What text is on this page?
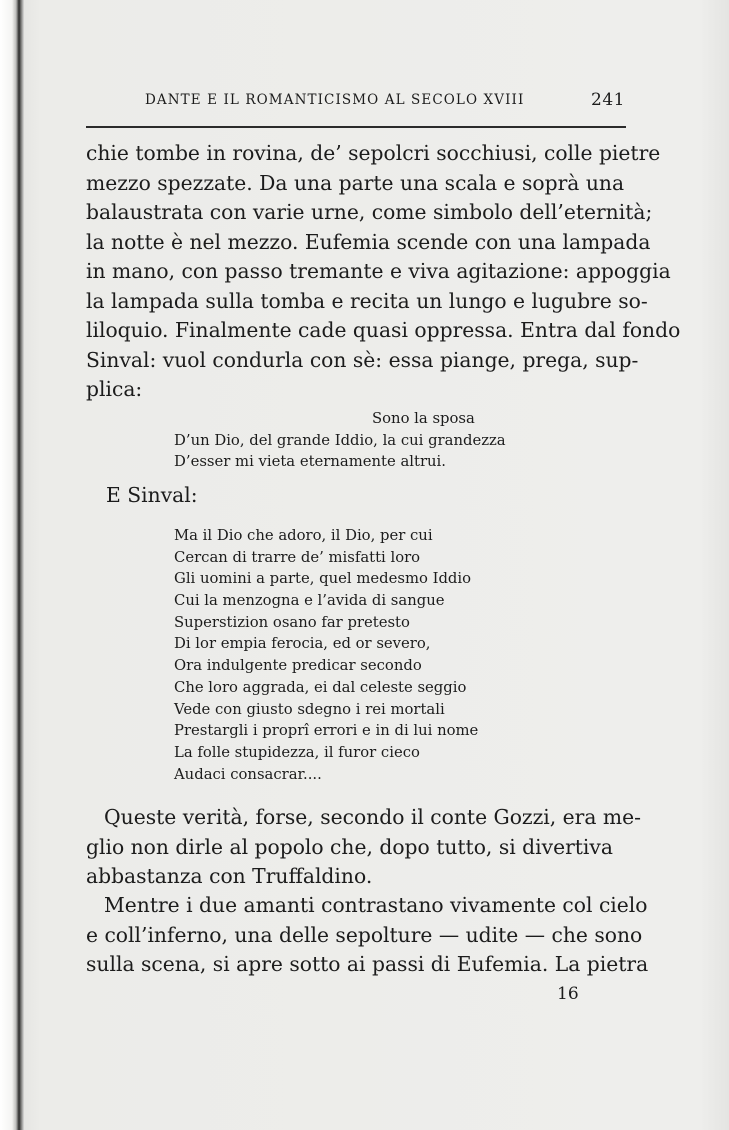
DANTE E IL ROMANTICISMO AL SECOLO XVIII	241
chie tombe in rovina, de’ sepolcri socchiusi, colle pietre
mezzo spezzate. Da una parte una scala e soprà una
balaustrata con varie urne, come simbolo dell’eternità;
la notte è nel mezzo. Eufemia scende con una lampada
in mano, con passo tremante e viva agitazione: appoggia
la lampada sulla tomba e recita un lungo e lugubre so-
liloquio. Finalmente cade quasi oppressa. Entra dal fondo
Sinval: vuol condurla con sè: essa piange, prega, sup-
plica:
Sono la sposa
D’un Dio, del grande Iddio, la cui grandezza
D’esser mi vieta eternamente altrui.
E Sinval:
Ma il Dio che adoro, il Dio, per cui
Cercan di trarre de’ misfatti loro
Gli uomini a parte, quel medesmo Iddio
Cui la menzogna e l’avida di sangue
Superstizion osano far pretesto
Di lor empia ferocia, ed or severo,
Ora indulgente predicar secondo
Che loro aggrada, ei dal celeste seggio
Vede con giusto sdegno i rei mortali
Prestargli i proprî errori e in di lui nome
La folle stupidezza, il furor cieco
Audaci consacrar....
Queste verità, forse, secondo il conte Gozzi, era me-
glio non dirle al popolo che, dopo tutto, si divertiva
abbastanza con Truffaldino.
Mentre i due amanti contrastano vivamente col cielo
e coll’inferno, una delle sepolture — udite — che sono
sulla scena, si apre sotto ai passi di Eufemia. La pietra
16
